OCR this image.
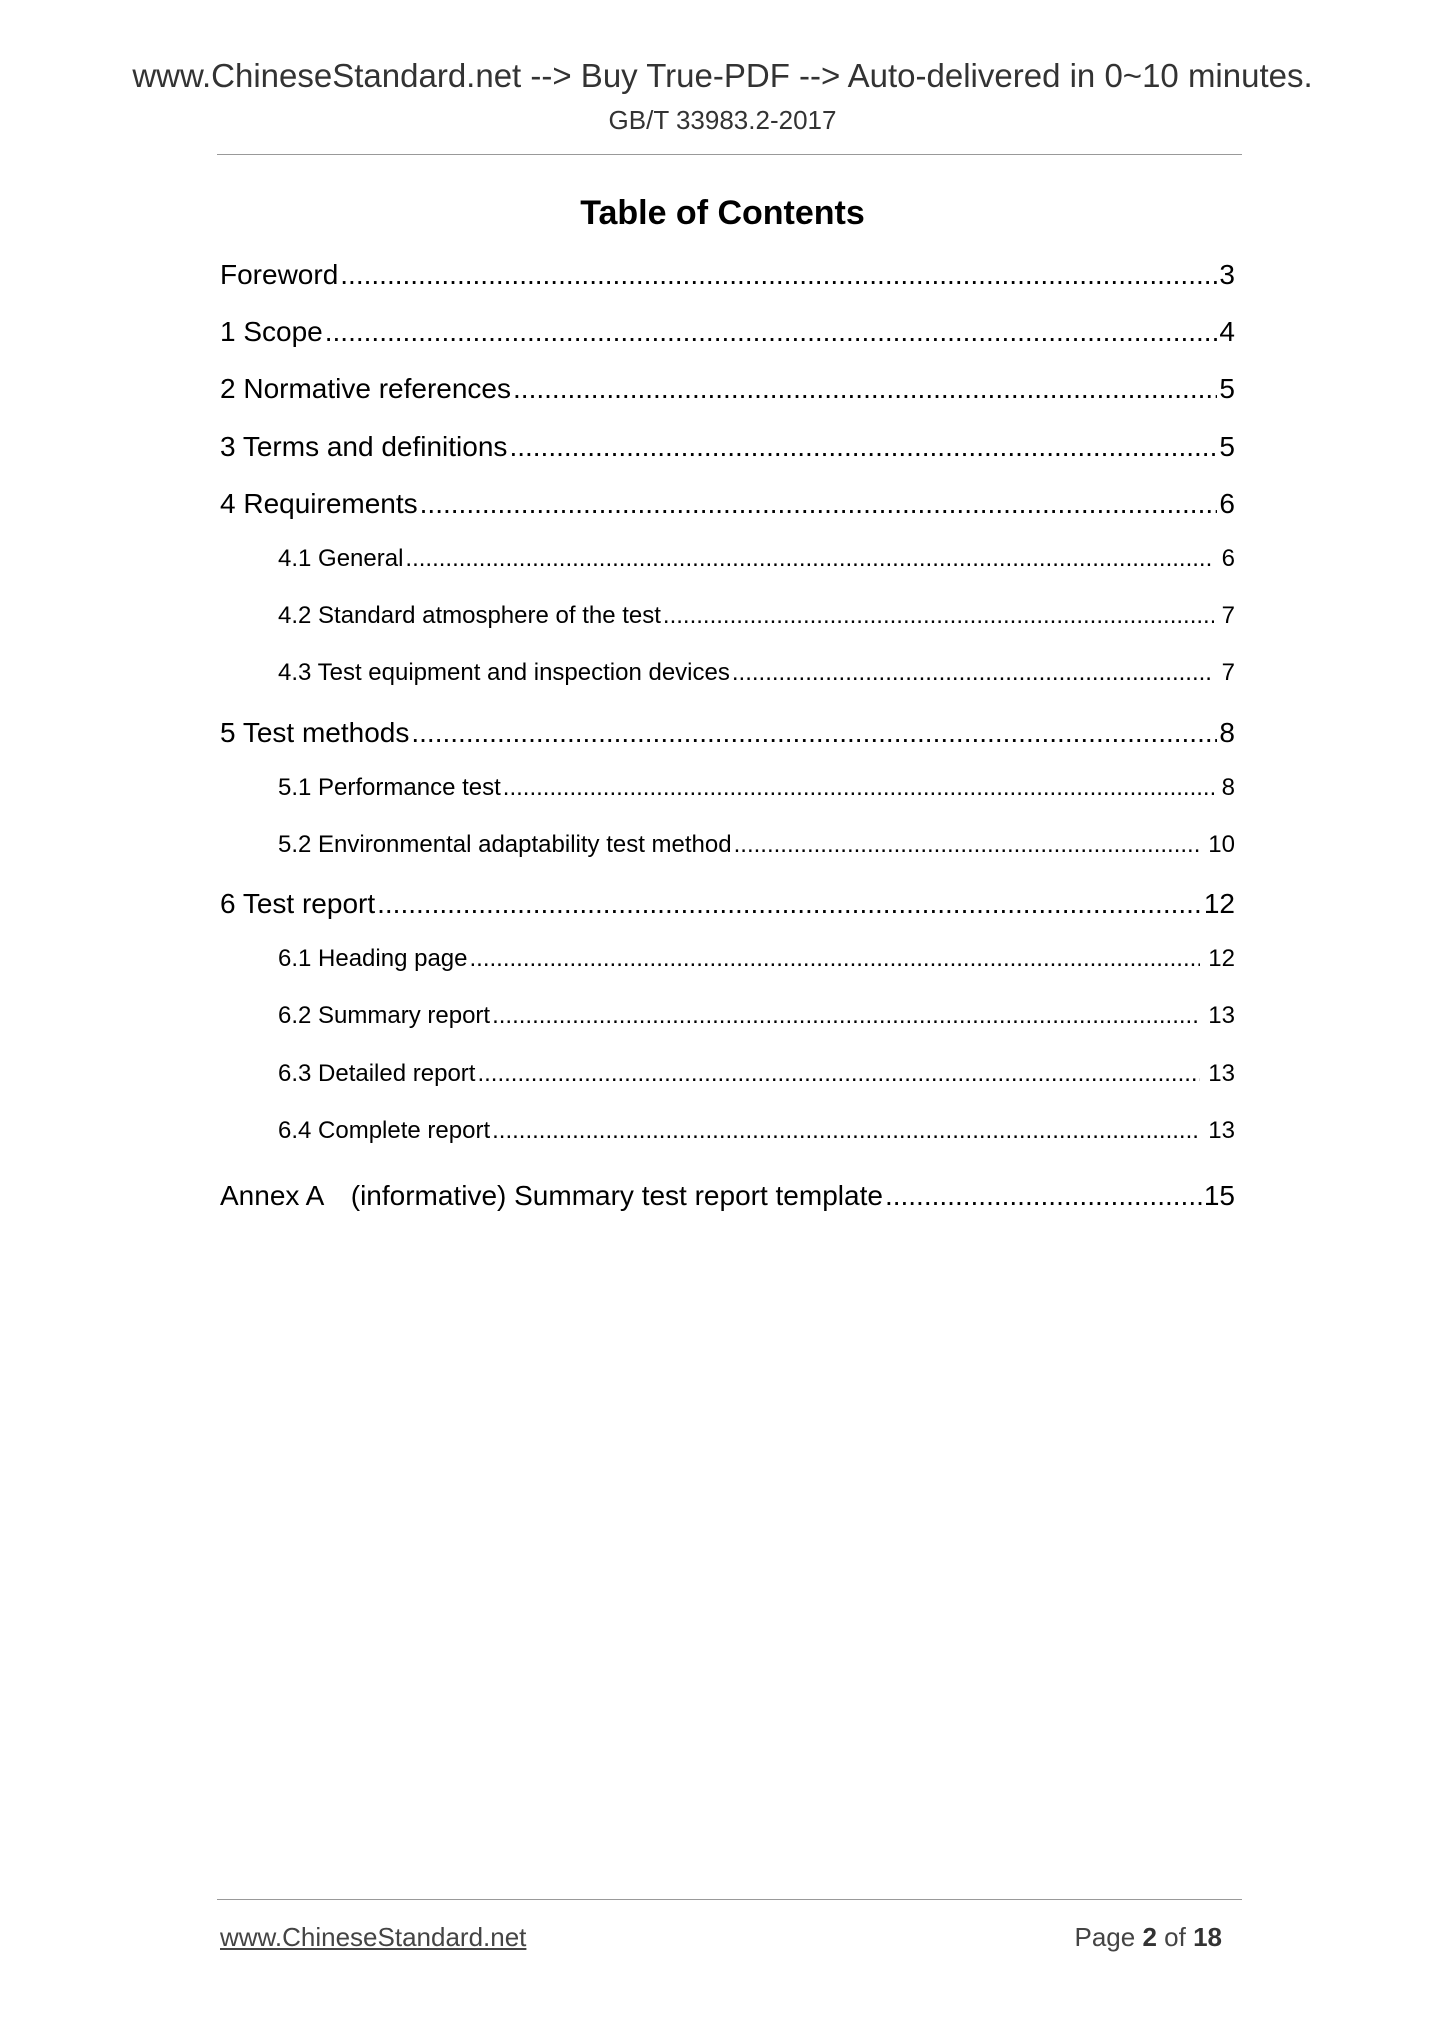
www.ChineseStandard.net --> Buy True-PDF --> Auto-delivered in 0~10 minutes.
GB/T 33983.2-2017
Table of Contents
Foreword .....	3
1 Scope .....	4
2 Normative references .....	5
3 Terms and definitions .....	5
4 Requirements .....	6
4.1 General .....	6
4.2 Standard atmosphere of the test .....	7
4.3 Test equipment and inspection devices .....	7
5 Test methods .....	8
5.1 Performance test .....	8
5.2 Environmental adaptability test method .....	10
6 Test report .....	12
6.1 Heading page .....	12
6.2 Summary report .....	13
6.3 Detailed report .....	13
6.4 Complete report .....	13
Annex A　(informative) Summary test report template .....	15
www.ChineseStandard.net	Page 2 of 18
